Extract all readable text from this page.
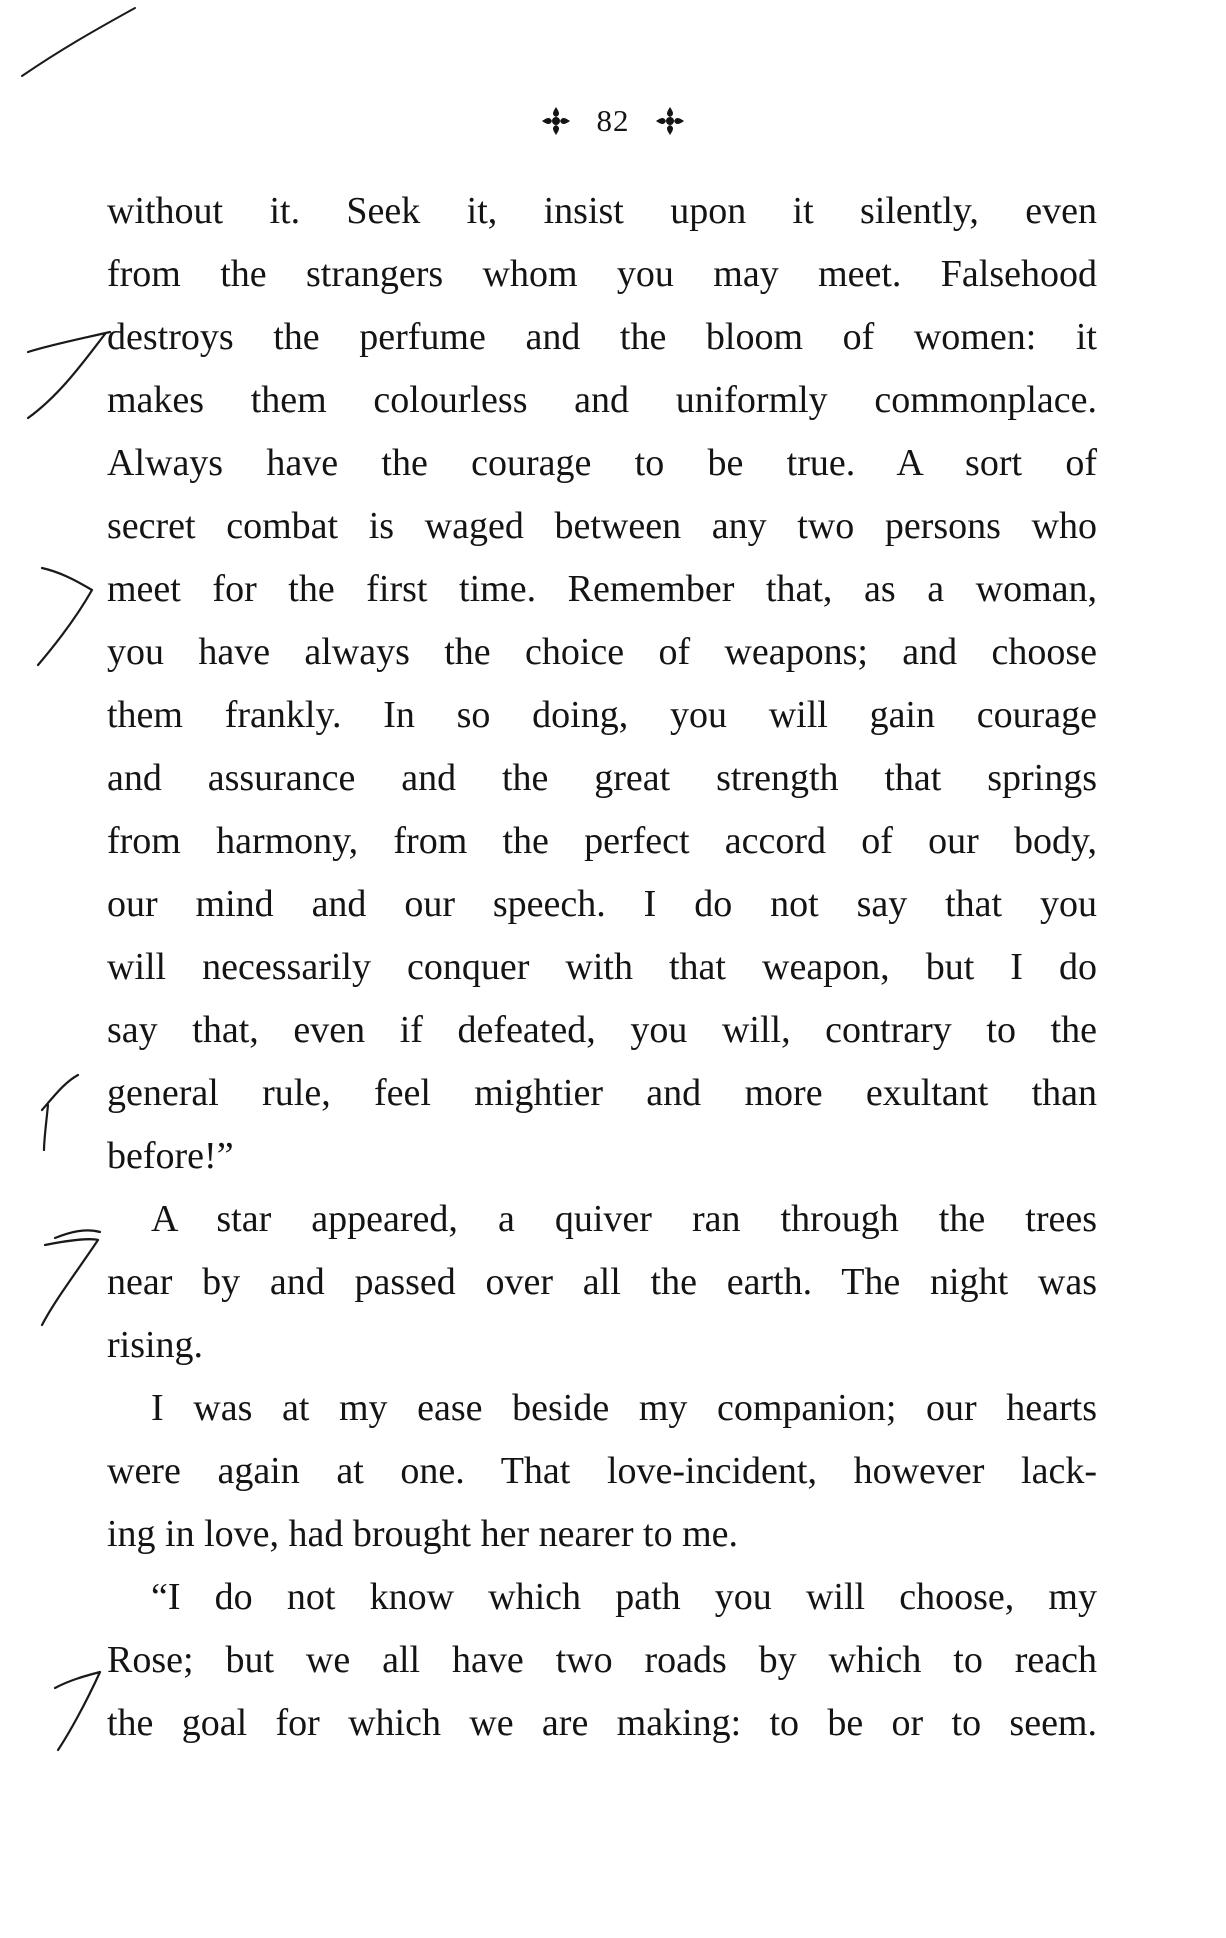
82
without it. Seek it, insist upon it silently, even
from the strangers whom you may meet. Falsehood
destroys the perfume and the bloom of women: it
makes them colourless and uniformly commonplace.
Always have the courage to be true. A sort of
secret combat is waged between any two persons who
meet for the first time. Remember that, as a woman,
you have always the choice of weapons; and choose
them frankly. In so doing, you will gain courage
and assurance and the great strength that springs
from harmony, from the perfect accord of our body,
our mind and our speech. I do not say that you
will necessarily conquer with that weapon, but I do
say that, even if defeated, you will, contrary to the
general rule, feel mightier and more exultant than
before!”
A star appeared, a quiver ran through the trees
near by and passed over all the earth. The night was
rising.
I was at my ease beside my companion; our hearts
were again at one. That love-incident, however lack-
ing in love, had brought her nearer to me.
“I do not know which path you will choose, my
Rose; but we all have two roads by which to reach
the goal for which we are making: to be or to seem.
